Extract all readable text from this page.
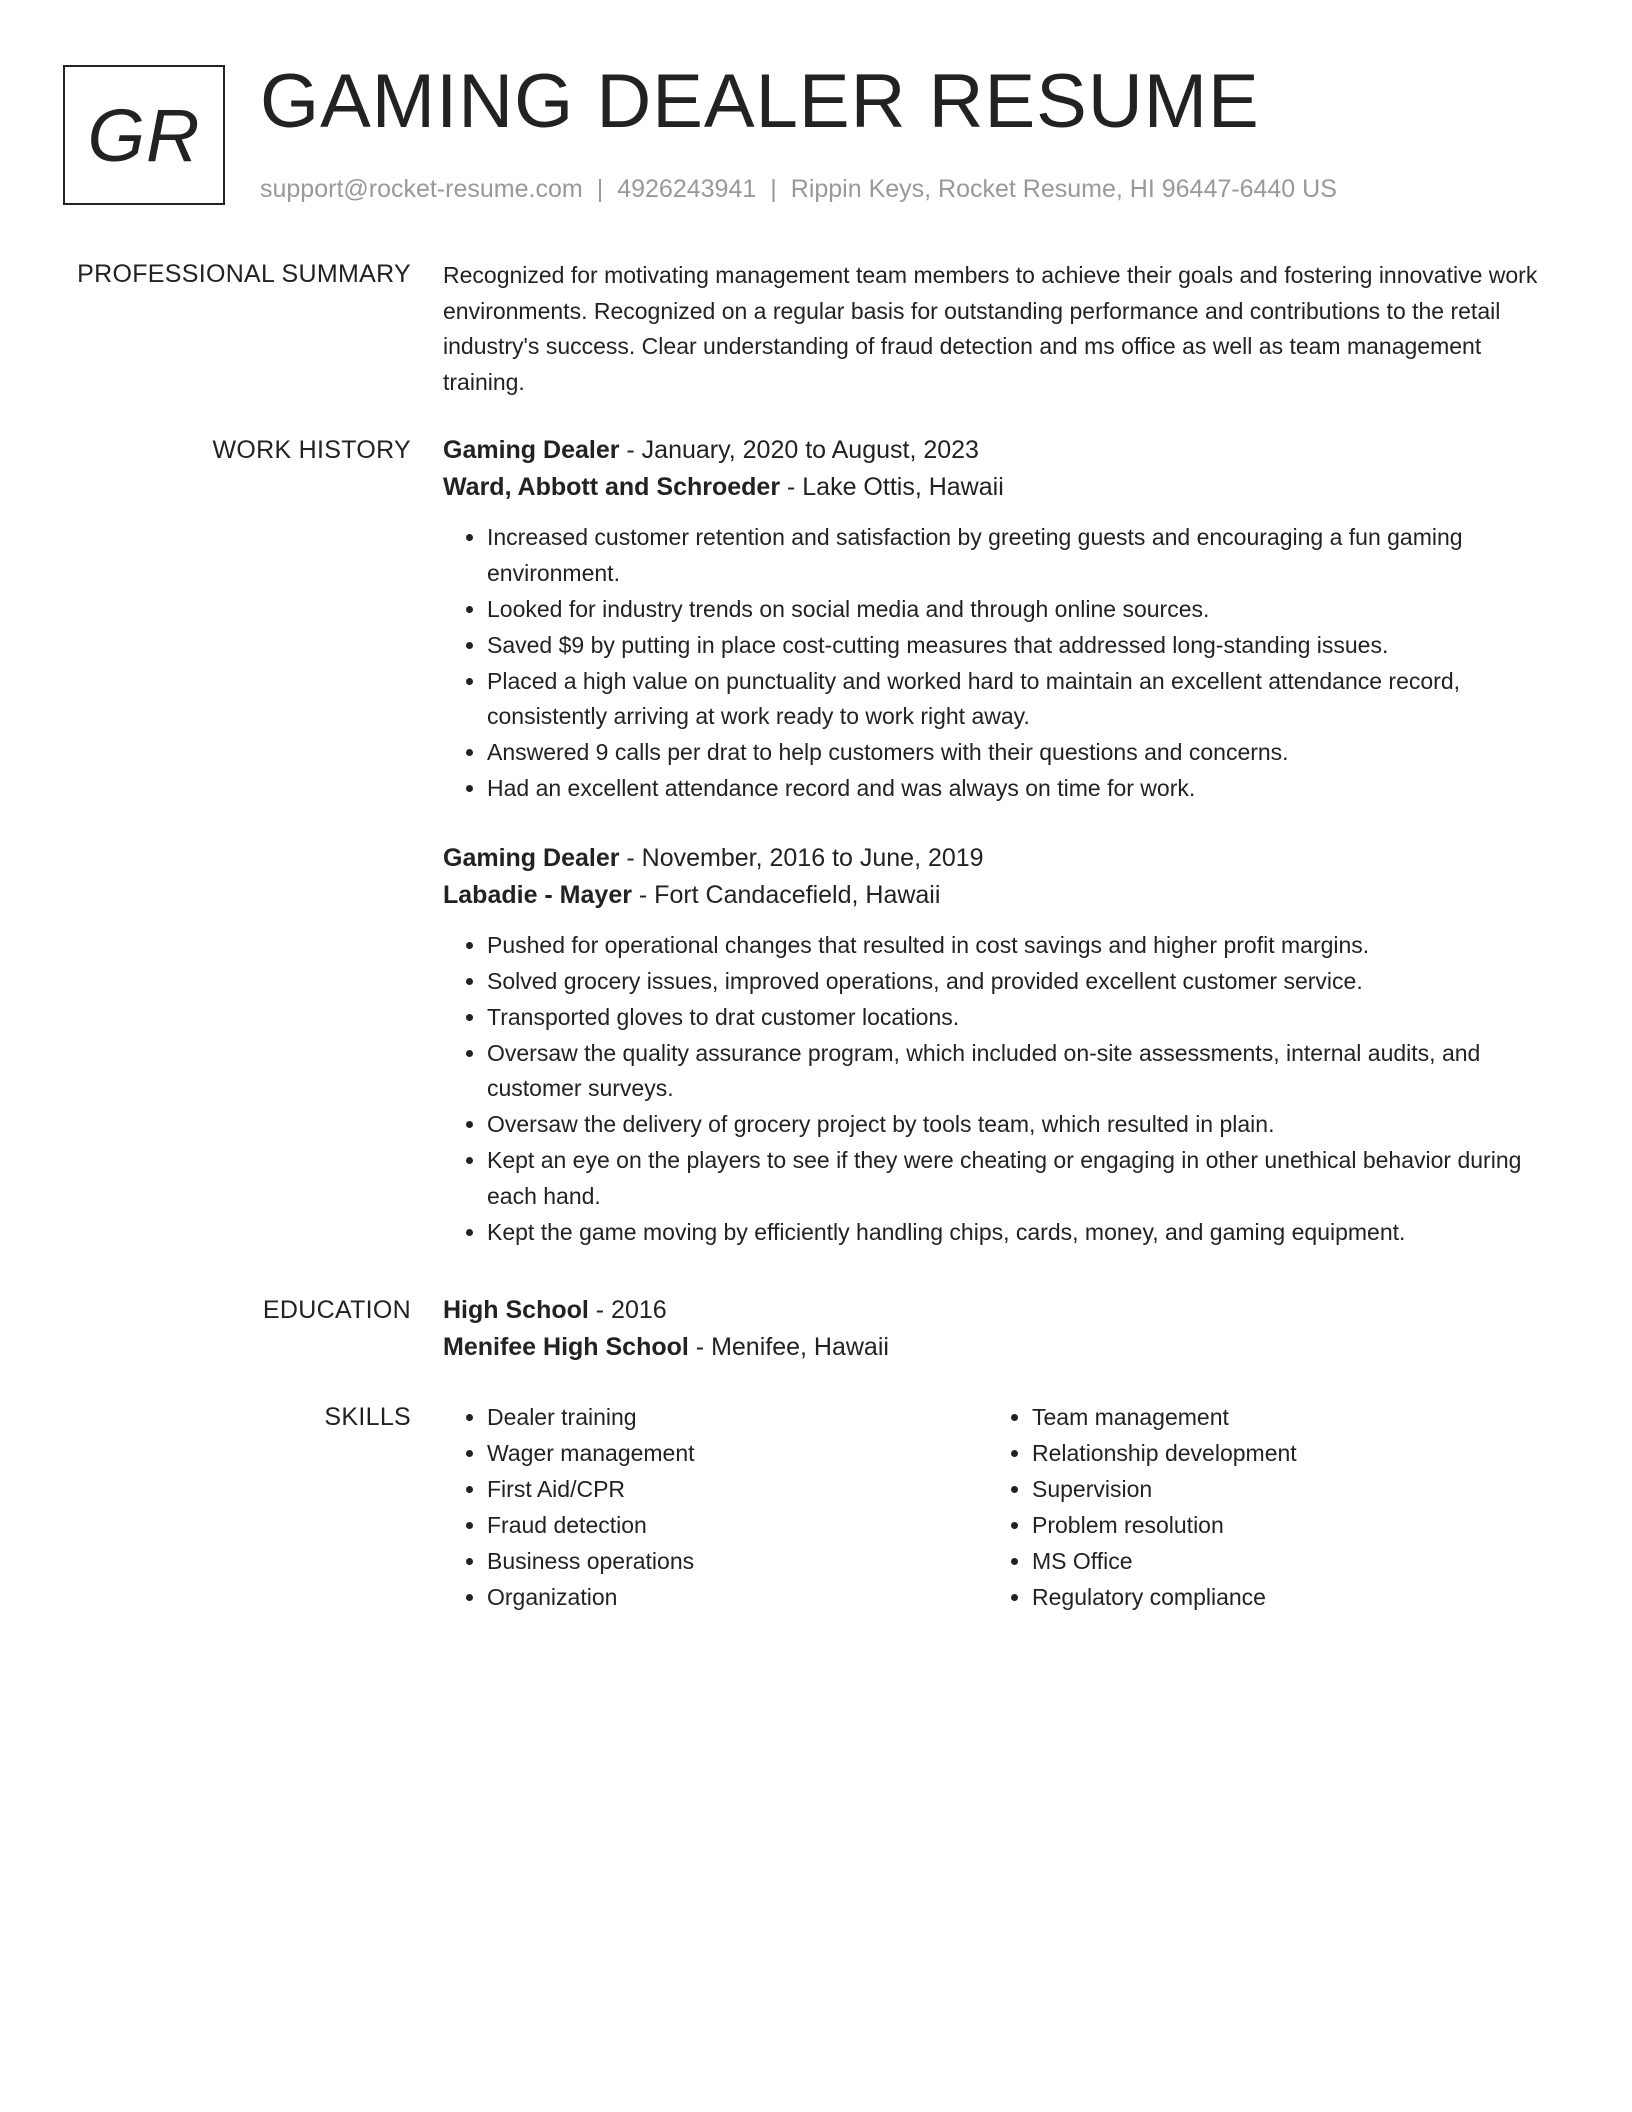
GR GAMING DEALER RESUME
support@rocket-resume.com | 4926243941 | Rippin Keys, Rocket Resume, HI 96447-6440 US
PROFESSIONAL SUMMARY Recognized for motivating management team members to achieve their goals and fostering innovative work environments. Recognized on a regular basis for outstanding performance and contributions to the retail industry's success. Clear understanding of fraud detection and ms office as well as team management training.

WORK HISTORY Gaming Dealer - January, 2020 to August, 2023

Ward, Abbott and Schroeder - Lake Ottis, Hawaii

• Increased customer retention and satisfaction by greeting guests and encouraging a fun gaming environment.
• Looked for industry trends on social media and through online sources.
• Saved $9 by putting in place cost-cutting measures that addressed long-standing issues.
• Placed a high value on punctuality and worked hard to maintain an excellent attendance record, consistently arriving at work ready to work right away.
• Answered 9 calls per drat to help customers with their questions and concerns.
• Had an excellent attendance record and was always on time for work.

Gaming Dealer - November, 2016 to June, 2019

Labadie - Mayer - Fort Candacefield, Hawaii

• Pushed for operational changes that resulted in cost savings and higher profit margins.
• Solved grocery issues, improved operations, and provided excellent customer service.
• Transported gloves to drat customer locations.
• Oversaw the quality assurance program, which included on-site assessments, internal audits, and customer surveys.
• Oversaw the delivery of grocery project by tools team, which resulted in plain.
• Kept an eye on the players to see if they were cheating or engaging in other unethical behavior during each hand.
• Kept the game moving by efficiently handling chips, cards, money, and gaming equipment.
EDUCATION High School - 2016

Menifee High School - Menifee, Hawaii

SKILLS
•	Dealer training
• Wager management
• First Aid/CPR
• Fraud detection
• Business operations
• Organization
• Team management
• Relationship development
• Supervision
• Problem resolution
• MS Office
• Regulatory compliance
